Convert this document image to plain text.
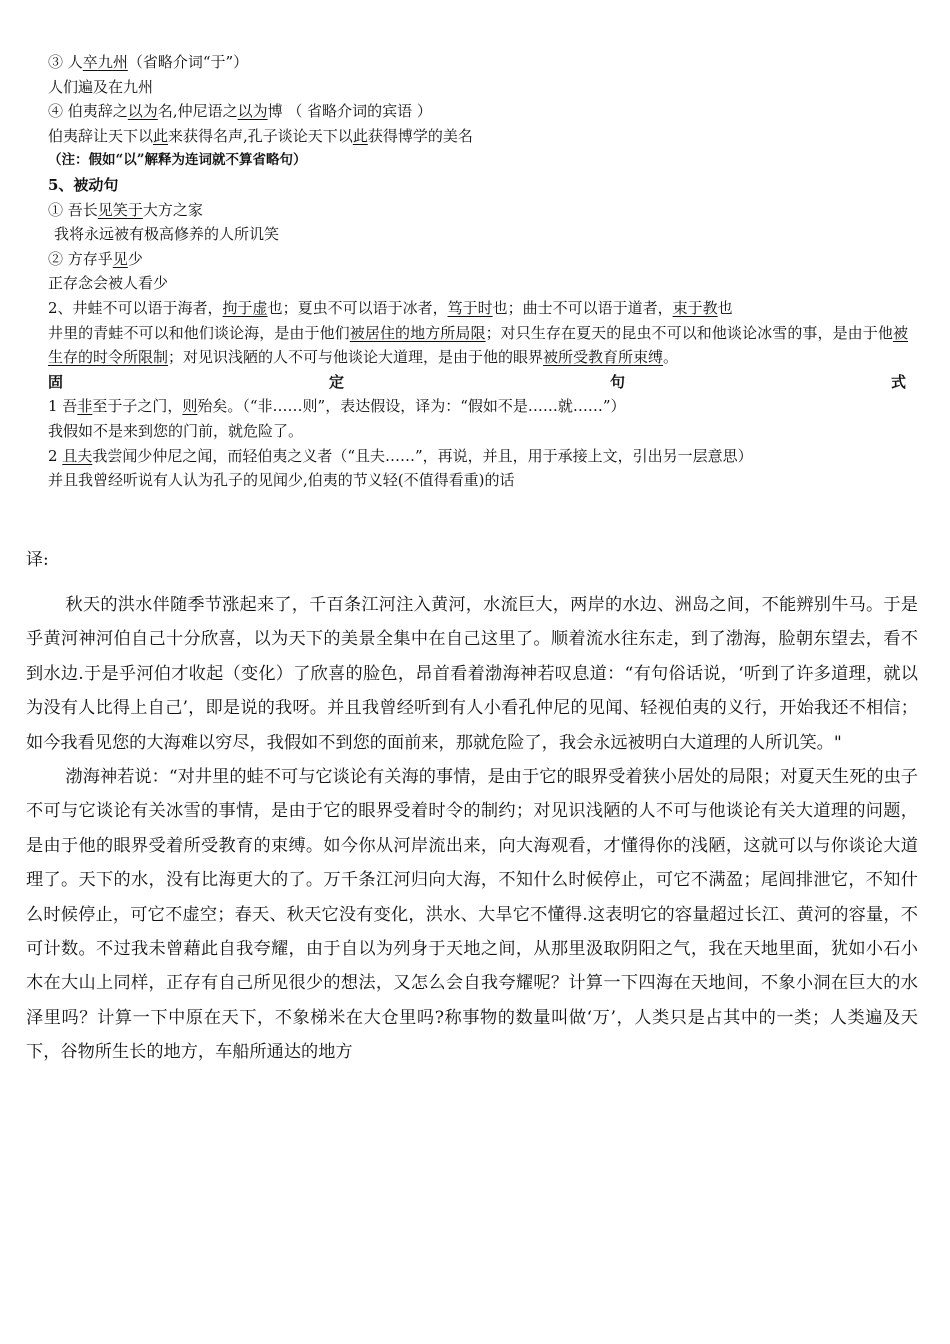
③ 人卒九州（省略介词“于”）
人们遍及在九州
④ 伯夷辞之以为名,仲尼语之以为博 （ 省略介词的宾语 ）
伯夷辞让天下以此来获得名声,孔子谈论天下以此获得博学的美名
（注：假如“以”解释为连词就不算省略句）
5、被动句
① 吾长见笑于大方之家
我将永远被有极高修养的人所讥笑
② 方存乎见少
正存念会被人看少
2、井蛙不可以语于海者，拘于虚也；夏虫不可以语于冰者，笃于时也；曲士不可以语于道者，束于教也
井里的青蛙不可以和他们谈论海，是由于他们被居住的地方所局限；对只生存在夏天的昆虫不可以和他谈论冰雪的事，是由于他被生存的时令所限制；对见识浅陋的人不可与他谈论大道理，是由于他的眼界被所受教育所束缚。
固	定	句	式
1 吾非至于子之门，则殆矣。（“非……则”，表达假设，译为：“假如不是……就……”）
我假如不是来到您的门前，就危险了。
2 且夫我尝闻少仲尼之闻，而轻伯夷之义者（“且夫……”，再说，并且，用于承接上文，引出另一层意思）
并且我曾经听说有人认为孔子的见闻少,伯夷的节义轻(不值得看重)的话
译:

秋天的洪水伴随季节涨起来了，千百条江河注入黄河，水流巨大，两岸的水边、洲岛之间，不能辨别牛马。于是乎黄河神河伯自己十分欣喜，以为天下的美景全集中在自己这里了。顺着流水往东走，到了渤海，脸朝东望去，看不到水边.于是乎河伯才收起（变化）了欣喜的脸色，昂首看着渤海神若叹息道：“有句俗话说，‘听到了许多道理，就以为没有人比得上自己’，即是说的我呀。并且我曾经听到有人小看孔仲尼的见闻、轻视伯夷的义行，开始我还不相信；如今我看见您的大海难以穷尽，我假如不到您的面前来，那就危险了，我会永远被明白大道理的人所讥笑。"

渤海神若说：“对井里的蛙不可与它谈论有关海的事情，是由于它的眼界受着狭小居处的局限；对夏天生死的虫子不可与它谈论有关冰雪的事情，是由于它的眼界受着时令的制约；对见识浅陋的人不可与他谈论有关大道理的问题，是由于他的眼界受着所受教育的束缚。如今你从河岸流出来，向大海观看，才懂得你的浅陋，这就可以与你谈论大道理了。天下的水，没有比海更大的了。万千条江河归向大海，不知什么时候停止，可它不满盈；尾闾排泄它，不知什么时候停止，可它不虚空；春天、秋天它没有变化，洪水、大旱它不懂得.这表明它的容量超过长江、黄河的容量，不可计数。不过我未曾藉此自我夸耀，由于自以为列身于天地之间，从那里汲取阴阳之气，我在天地里面，犹如小石小木在大山上同样，正存有自己所见很少的想法，又怎么会自我夸耀呢？计算一下四海在天地间，不象小洞在巨大的水泽里吗？计算一下中原在天下，不象梯米在大仓里吗?称事物的数量叫做‘万’，人类只是占其中的一类；人类遍及天下，谷物所生长的地方，车船所通达的地方
